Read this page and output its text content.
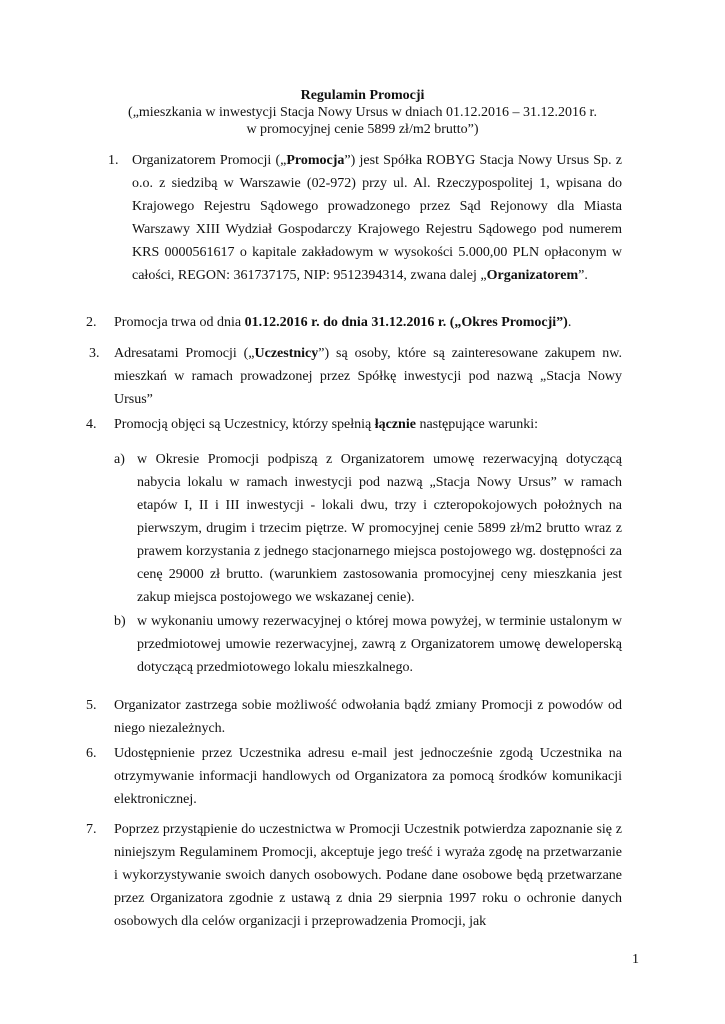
Regulamin Promocji
(„mieszkania w inwestycji Stacja Nowy Ursus w dniach 01.12.2016 – 31.12.2016 r.
w promocyjnej cenie 5899 zł/m2 brutto”)

1. Organizatorem Promocji („Promocja”) jest Spółka ROBYG Stacja Nowy Ursus Sp. z o.o. z siedzibą w Warszawie (02-972) przy ul. Al. Rzeczypospolitej 1, wpisana do Krajowego Rejestru Sądowego prowadzonego przez Sąd Rejonowy dla Miasta Warszawy XIII Wydział Gospodarczy Krajowego Rejestru Sądowego pod numerem KRS 0000561617 o kapitale zakładowym w wysokości 5.000,00 PLN opłaconym w całości, REGON: 361737175, NIP: 9512394314, zwana dalej „Organizatorem”.

2. Promocja trwa od dnia 01.12.2016 r. do dnia 31.12.2016 r. („Okres Promocji”).

3. Adresatami Promocji („Uczestnicy”) są osoby, które są zainteresowane zakupem nw. mieszkań w ramach prowadzonej przez Spółkę inwestycji pod nazwą „Stacja Nowy Ursus”

4. Promocją objęci są Uczestnicy, którzy spełnią łącznie następujące warunki:

a) w Okresie Promocji podpiszą z Organizatorem umowę rezerwacyjną dotyczącą nabycia lokalu w ramach inwestycji pod nazwą „Stacja Nowy Ursus” w ramach etapów I, II i III inwestycji - lokali dwu, trzy i czteropokojowych położnych na pierwszym, drugim i trzecim piętrze. W promocyjnej cenie 5899 zł/m2 brutto wraz z prawem korzystania z jednego stacjonarnego miejsca postojowego wg. dostępności za cenę 29000 zł brutto. (warunkiem zastosowania promocyjnej ceny mieszkania jest zakup miejsca postojowego we wskazanej cenie).

b) w wykonaniu umowy rezerwacyjnej o której mowa powyżej, w terminie ustalonym w przedmiotowej umowie rezerwacyjnej, zawrą z Organizatorem umowę deweloperską dotyczącą przedmiotowego lokalu mieszkalnego.

5. Organizator zastrzega sobie możliwość odwołania bądź zmiany Promocji z powodów od niego niezależnych.

6. Udostępnienie przez Uczestnika adresu e-mail jest jednocześnie zgodą Uczestnika na otrzymywanie informacji handlowych od Organizatora za pomocą środków komunikacji elektronicznej.

7. Poprzez przystąpienie do uczestnictwa w Promocji Uczestnik potwierdza zapoznanie się z niniejszym Regulaminem Promocji, akceptuje jego treść i wyraża zgodę na przetwarzanie i wykorzystywanie swoich danych osobowych. Podane dane osobowe będą przetwarzane przez Organizatora zgodnie z ustawą z dnia 29 sierpnia 1997 roku o ochronie danych osobowych dla celów organizacji i przeprowadzenia Promocji, jak

1
